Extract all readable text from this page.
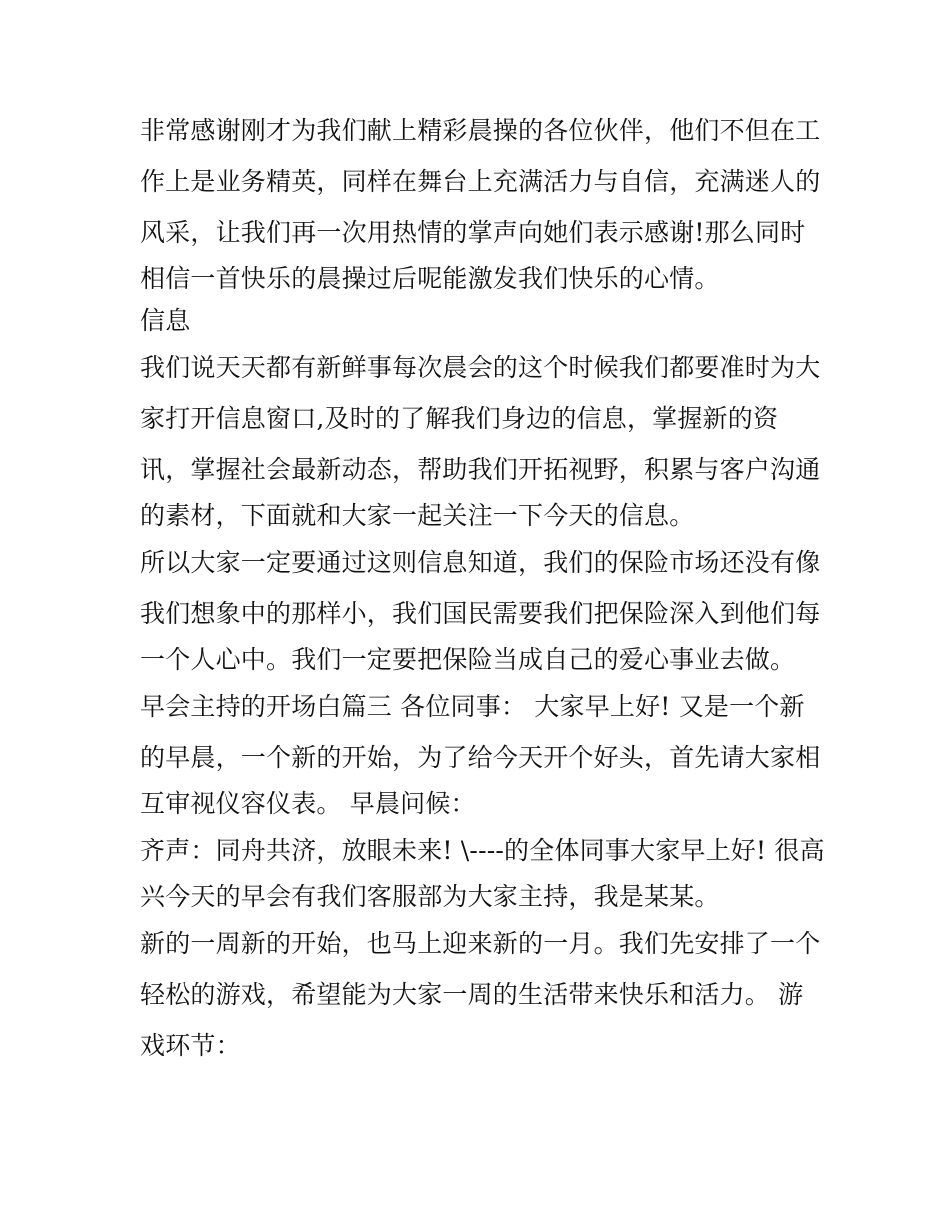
非常感谢刚才为我们献上精彩晨操的各位伙伴，他们不但在工
作上是业务精英，同样在舞台上充满活力与自信，充满迷人的
风采，让我们再一次用热情的掌声向她们表示感谢!那么同时
相信一首快乐的晨操过后呢能激发我们快乐的心情。
信息
我们说天天都有新鲜事每次晨会的这个时候我们都要准时为大
家打开信息窗口,及时的了解我们身边的信息，掌握新的资
讯，掌握社会最新动态，帮助我们开拓视野，积累与客户沟通
的素材，下面就和大家一起关注一下今天的信息。
所以大家一定要通过这则信息知道，我们的保险市场还没有像
我们想象中的那样小，我们国民需要我们把保险深入到他们每
一个人心中。我们一定要把保险当成自己的爱心事业去做。
早会主持的开场白篇三 各位同事： 大家早上好! 又是一个新
的早晨，一个新的开始，为了给今天开个好头，首先请大家相
互审视仪容仪表。 早晨问候：
齐声：同舟共济，放眼未来! \----的全体同事大家早上好! 很高
兴今天的早会有我们客服部为大家主持，我是某某。
新的一周新的开始，也马上迎来新的一月。我们先安排了一个
轻松的游戏，希望能为大家一周的生活带来快乐和活力。 游
戏环节：
